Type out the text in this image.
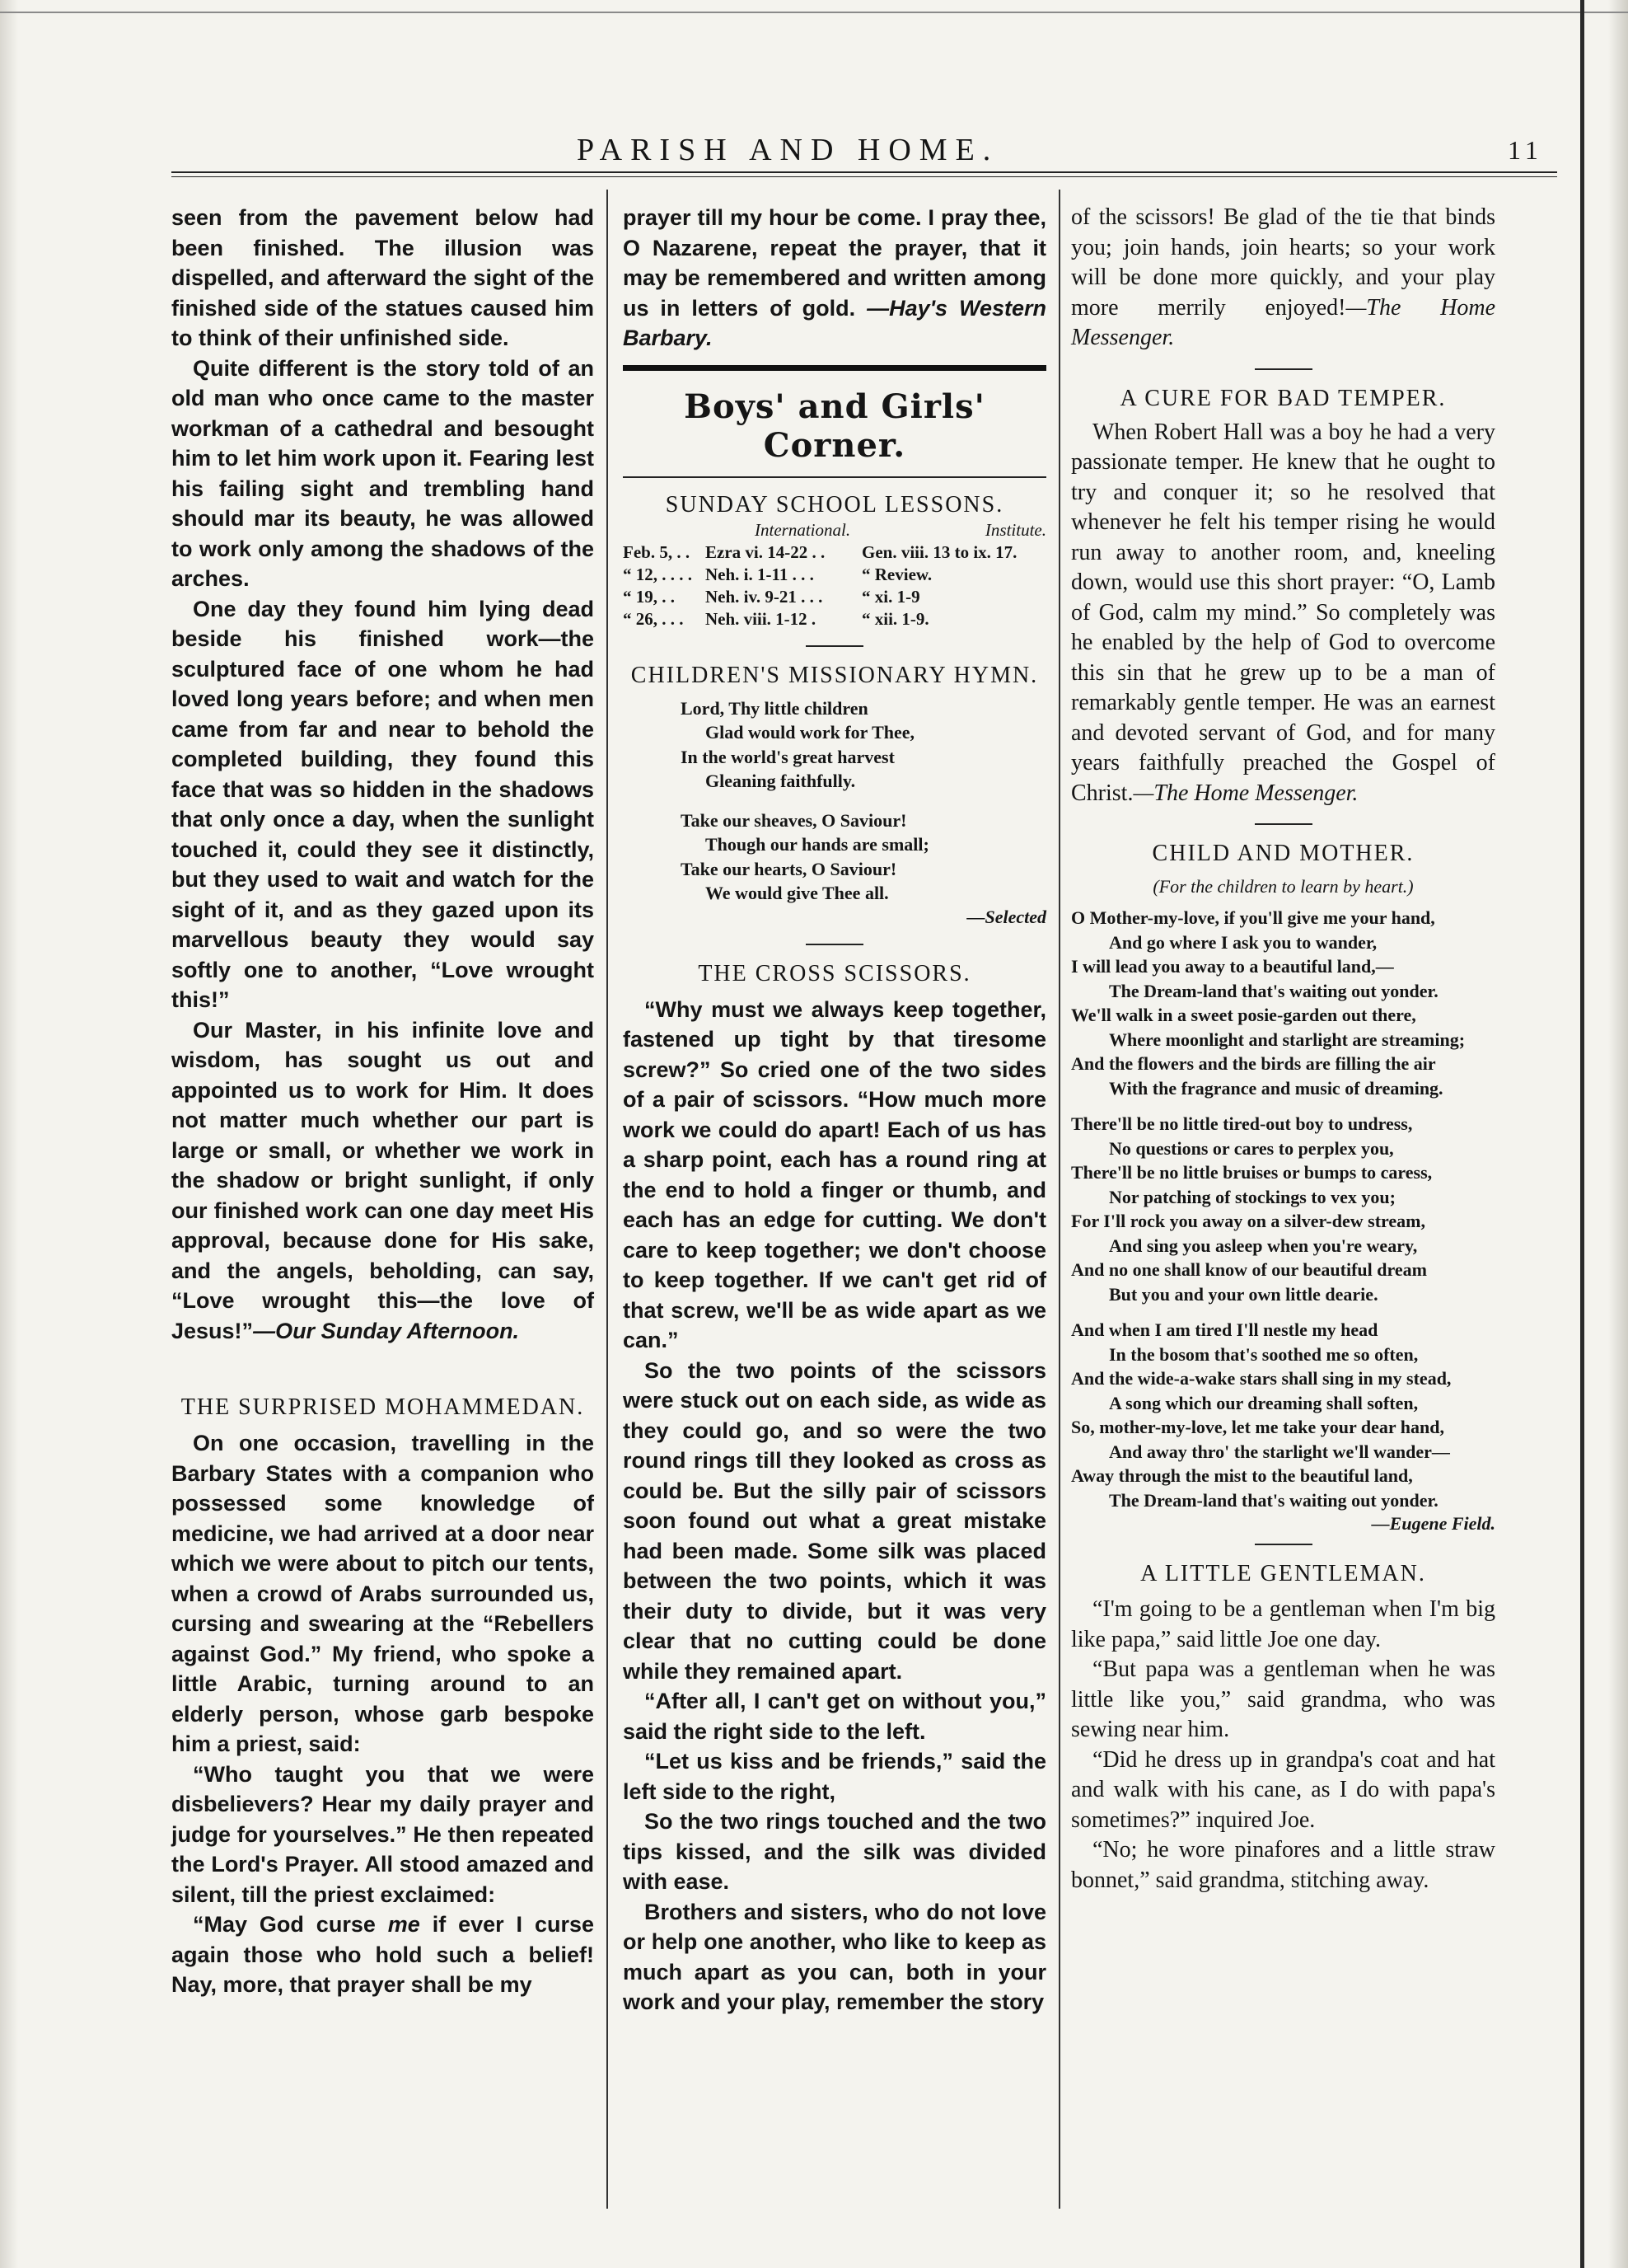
PARISH AND HOME.	11

seen from the pavement below had been finished. The illusion was dispelled, and afterward the sight of the finished side of the statues caused him to think of their unfinished side.

Quite different is the story told of an old man who once came to the master workman of a cathedral and besought him to let him work upon it. Fearing lest his failing sight and trembling hand should mar its beauty, he was allowed to work only among the shadows of the arches.

One day they found him lying dead beside his finished work—the sculptured face of one whom he had loved long years before; and when men came from far and near to behold the completed building, they found this face that was so hidden in the shadows that only once a day, when the sunlight touched it, could they see it distinctly, but they used to wait and watch for the sight of it, and as they gazed upon its marvellous beauty they would say softly one to another, “Love wrought this!”

Our Master, in his infinite love and wisdom, has sought us out and appointed us to work for Him. It does not matter much whether our part is large or small, or whether we work in the shadow or bright sunlight, if only our finished work can one day meet His approval, because done for His sake, and the angels, beholding, can say, “Love wrought this—the love of Jesus!”—Our Sunday Afternoon.

THE SURPRISED MOHAMMEDAN.

On one occasion, travelling in the Barbary States with a companion who possessed some knowledge of medicine, we had arrived at a door near which we were about to pitch our tents, when a crowd of Arabs surrounded us, cursing and swearing at the “Rebellers against God.” My friend, who spoke a little Arabic, turning around to an elderly person, whose garb bespoke him a priest, said:

“Who taught you that we were disbelievers? Hear my daily prayer and judge for yourselves.” He then repeated the Lord's Prayer. All stood amazed and silent, till the priest exclaimed:

“May God curse me if ever I curse again those who hold such a belief! Nay, more, that prayer shall be my

prayer till my hour be come. I pray thee, O Nazarene, repeat the prayer, that it may be remembered and written among us in letters of gold. —Hay's Western Barbary.

Boys' and Girls' Corner.
SUNDAY SCHOOL LESSONS.
International.	Institute.
Feb. 5, . . Ezra vi. 14-22 . .	Gen. viii. 13 to ix. 17.
“ 12, . . . . Neh. i. 1-11 . . .	“ Review.
“ 19, . .	Neh. iv. 9-21 . . .	“ xi. 1-9
“ 26, . . .	Neh. viii. 1-12 .	“ xii. 1-9.
CHILDREN'S MISSIONARY HYMN.
Lord, Thy little children
Glad would work for Thee,
In the world's great harvest
Gleaning faithfully.
Take our sheaves, O Saviour!
Though our hands are small;
Take our hearts, O Saviour!
We would give Thee all.
—Selected
THE CROSS SCISSORS.

“Why must we always keep together, fastened up tight by that tiresome screw?” So cried one of the two sides of a pair of scissors. “How much more work we could do apart! Each of us has a sharp point, each has a round ring at the end to hold a finger or thumb, and each has an edge for cutting. We don't care to keep together; we don't choose to keep together. If we can't get rid of that screw, we'll be as wide apart as we can.”

So the two points of the scissors were stuck out on each side, as wide as they could go, and so were the two round rings till they looked as cross as could be. But the silly pair of scissors soon found out what a great mistake had been made. Some silk was placed between the two points, which it was their duty to divide, but it was very clear that no cutting could be done while they remained apart.

“After all, I can't get on without you,” said the right side to the left.

“Let us kiss and be friends,” said the left side to the right,

So the two rings touched and the two tips kissed, and the silk was divided with ease.

Brothers and sisters, who do not love or help one another, who like to keep as much apart as you can, both in your work and your play, remember the story

of the scissors! Be glad of the tie that binds you; join hands, join hearts; so your work will be done more quickly, and your play more merrily enjoyed!—The Home Messenger.

A CURE FOR BAD TEMPER.

When Robert Hall was a boy he had a very passionate temper. He knew that he ought to try and conquer it; so he resolved that whenever he felt his temper rising he would run away to another room, and, kneeling down, would use this short prayer: “O, Lamb of God, calm my mind.” So completely was he enabled by the help of God to overcome this sin that he grew up to be a man of remarkably gentle temper. He was an earnest and devoted servant of God, and for many years faithfully preached the Gospel of Christ.—The Home Messenger.

CHILD AND MOTHER.
(For the children to learn by heart.)
O Mother-my-love, if you'll give me your hand,
And go where I ask you to wander,
I will lead you away to a beautiful land,—
The Dream-land that's waiting out yonder.
We'll walk in a sweet posie-garden out there,
Where moonlight and starlight are streaming;
And the flowers and the birds are filling the air
With the fragrance and music of dreaming.
There'll be no little tired-out boy to undress,
No questions or cares to perplex you,
There'll be no little bruises or bumps to caress,
Nor patching of stockings to vex you;
For I'll rock you away on a silver-dew stream,
And sing you asleep when you're weary,
And no one shall know of our beautiful dream
But you and your own little dearie.
And when I am tired I'll nestle my head
In the bosom that's soothed me so often,
And the wide-a-wake stars shall sing in my stead,
A song which our dreaming shall soften,
So, mother-my-love, let me take your dear hand,
And away thro' the starlight we'll wander—
Away through the mist to the beautiful land,
The Dream-land that's waiting out yonder.
—Eugene Field.
A LITTLE GENTLEMAN.

“I'm going to be a gentleman when I'm big like papa,” said little Joe one day.

“But papa was a gentleman when he was little like you,” said grandma, who was sewing near him.

“Did he dress up in grandpa's coat and hat and walk with his cane, as I do with papa's sometimes?” inquired Joe.

“No; he wore pinafores and a little straw bonnet,” said grandma, stitching away.
